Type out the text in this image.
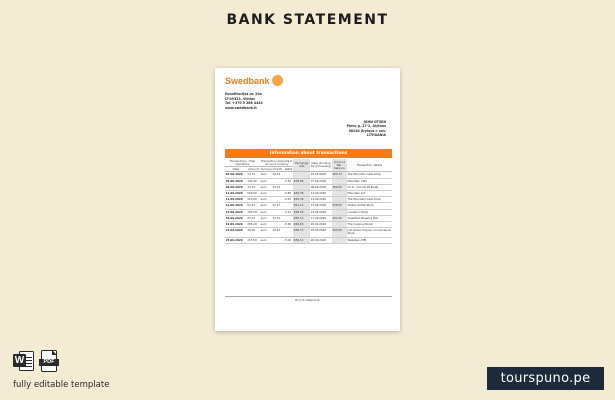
BANK STATEMENT
Swedbank
Konstitucijos pr. 20a
LT-09313, Vilnius
Tel. +370 5 268 4444
www.swedbank.lt
JOHN OTSEN
Pievų g. 17-2, Alytaus
08240 Alytaus r. sav.
LITHUANIA
Information about transactions
Transactions, other operations		Transaction amounts in account currency			Exchange rate	Date (booking for processing)	Account Bal. balance	Transaction details
Date	Amount	Currency	Credit	Debit				
02.09.2020	13.74	euro	13.74			03.09.2020	480.74	The Mountain Cake Shop
05.09.2020	102.30	euro		-3.32	€30.86	07.09.2020		Mountain Cafe
06.09.2020	13.14	euro	13.14			08.09.2020	360.05	D.I.O. / Goods Of Boats
11.09.2020	500.00	euro		-0.88	€56.38	12.09.2020		Mountain Lof
11.09.2020	310.00	euro		-2.05	€45.36	12.09.2020		The Mountain Cake Shop
12.09.2020	22.91	euro	22.17		€42.14	13.09.2020	258.52	Aldikoi Outlet Store
13.09.2020	155.09	euro		-2.21	€65.59	14.09.2020		Lucastron Shop
16.09.2020	23.74	euro	13.74		€50.12	17.09.2020	221.45	Classified Brewing Pub
19.09.2020	205.29	euro		-5.36	€40.63	20.09.2020		The Cupping Room
24.09.2020	36.30	euro	10.53		€56.72	25.09.2020	405.08	Just Green Organic Convenience Store
25.09.2020	215.59	euro		-5.09	€50.12	26.09.2020		Wakeban ATM
End of statement
W	PDF
fully editable template	tourspuno.pe
